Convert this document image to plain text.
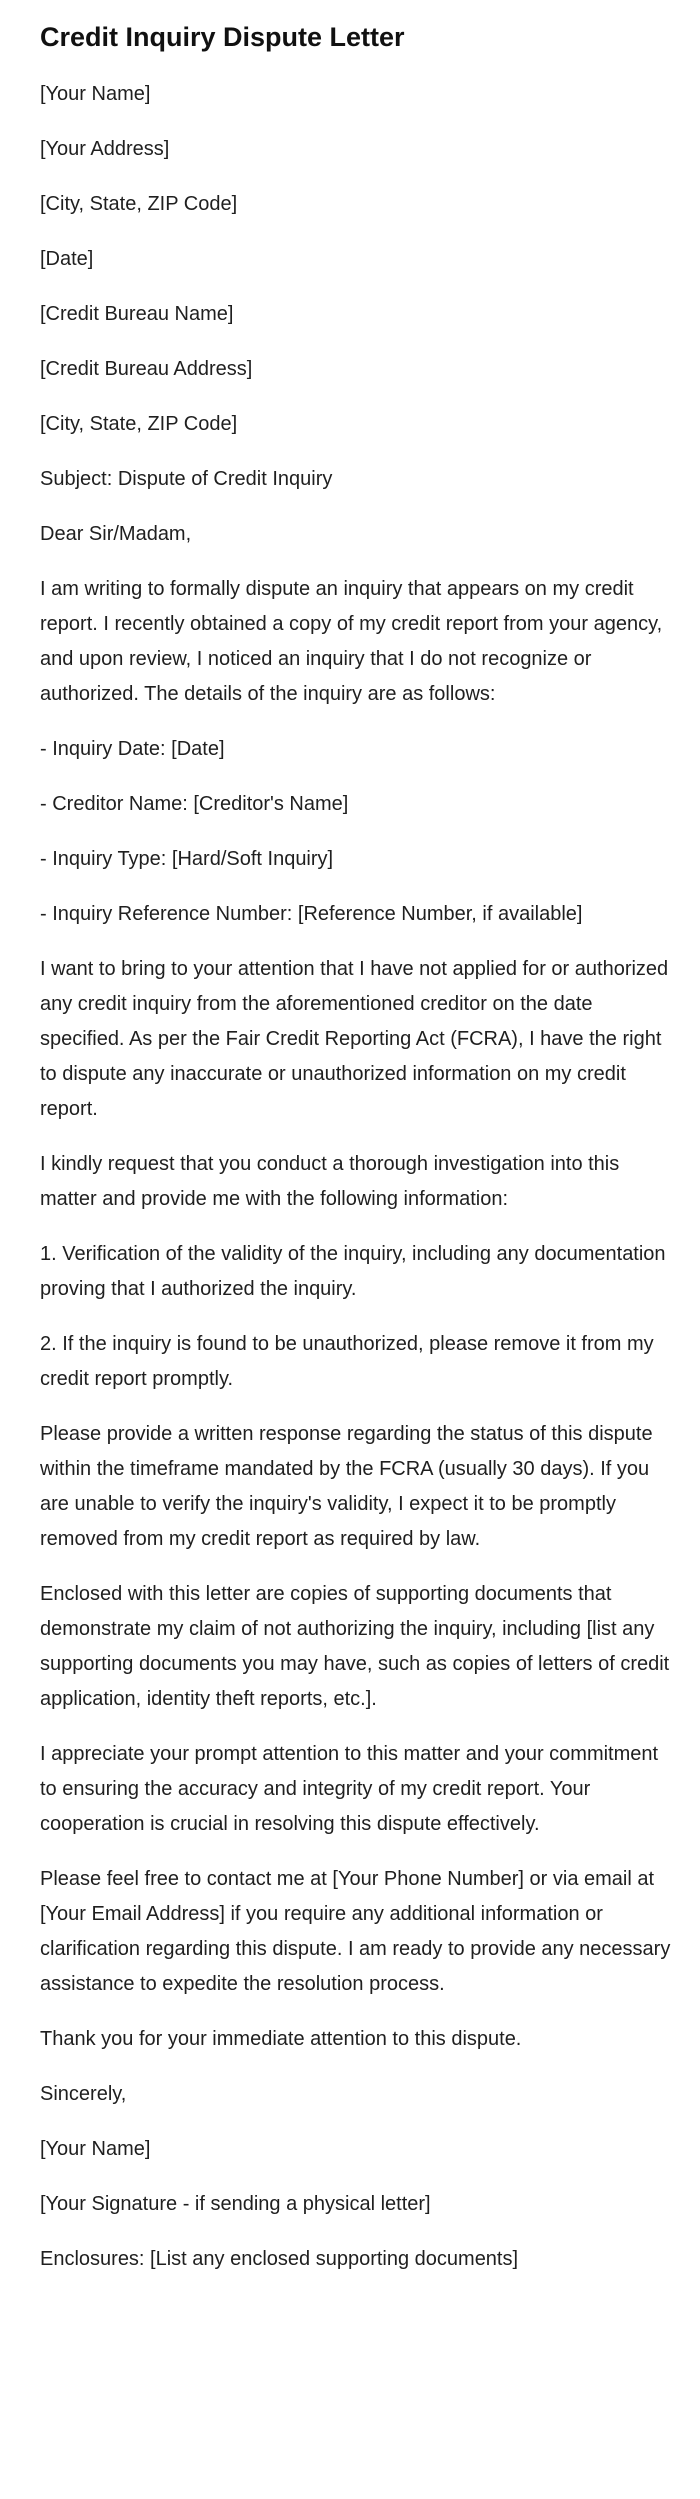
Credit Inquiry Dispute Letter

[Your Name]

[Your Address]

[City, State, ZIP Code]

[Date]

[Credit Bureau Name]

[Credit Bureau Address]

[City, State, ZIP Code]

Subject: Dispute of Credit Inquiry

Dear Sir/Madam,

I am writing to formally dispute an inquiry that appears on my credit report. I recently obtained a copy of my credit report from your agency, and upon review, I noticed an inquiry that I do not recognize or authorized. The details of the inquiry are as follows:

- Inquiry Date: [Date]

- Creditor Name: [Creditor's Name]

- Inquiry Type: [Hard/Soft Inquiry]

- Inquiry Reference Number: [Reference Number, if available]

I want to bring to your attention that I have not applied for or authorized any credit inquiry from the aforementioned creditor on the date specified. As per the Fair Credit Reporting Act (FCRA), I have the right to dispute any inaccurate or unauthorized information on my credit report.

I kindly request that you conduct a thorough investigation into this matter and provide me with the following information:

1. Verification of the validity of the inquiry, including any documentation proving that I authorized the inquiry.

2. If the inquiry is found to be unauthorized, please remove it from my credit report promptly.

Please provide a written response regarding the status of this dispute within the timeframe mandated by the FCRA (usually 30 days). If you are unable to verify the inquiry's validity, I expect it to be promptly removed from my credit report as required by law.

Enclosed with this letter are copies of supporting documents that demonstrate my claim of not authorizing the inquiry, including [list any supporting documents you may have, such as copies of letters of credit application, identity theft reports, etc.].

I appreciate your prompt attention to this matter and your commitment to ensuring the accuracy and integrity of my credit report. Your cooperation is crucial in resolving this dispute effectively.

Please feel free to contact me at [Your Phone Number] or via email at [Your Email Address] if you require any additional information or clarification regarding this dispute. I am ready to provide any necessary assistance to expedite the resolution process.

Thank you for your immediate attention to this dispute.

Sincerely,

[Your Name]

[Your Signature - if sending a physical letter]

Enclosures: [List any enclosed supporting documents]
